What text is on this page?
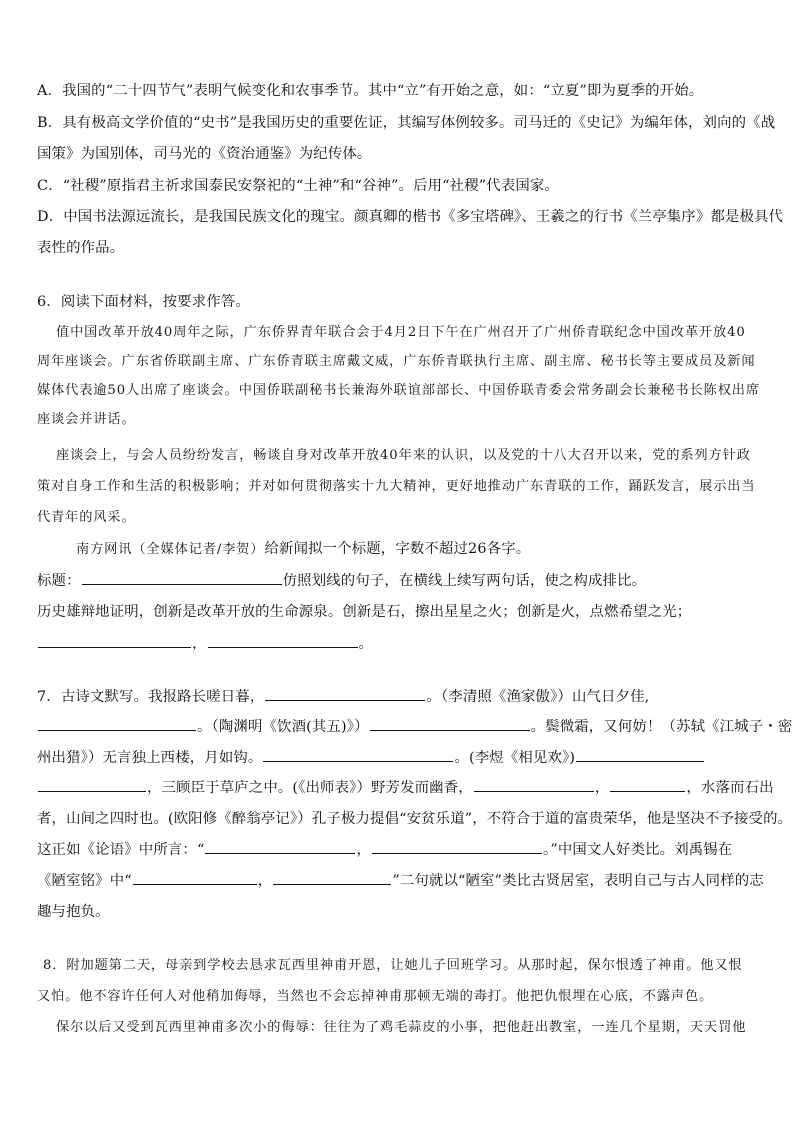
A．我国的“二十四节气”表明气候变化和农事季节。其中“立”有开始之意，如：“立夏”即为夏季的开始。
B．具有极高文学价值的“史书”是我国历史的重要佐证，其编写体例较多。司马迁的《史记》为编年体，刘向的《战
国策》为国别体，司马光的《资治通鉴》为纪传体。
C．“社稷”原指君主祈求国泰民安祭祀的“土神”和“谷神”。后用“社稷”代表国家。
D．中国书法源远流长，是我国民族文化的瑰宝。颜真卿的楷书《多宝塔碑》、王羲之的行书《兰亭集序》都是极具代
表性的作品。
6．阅读下面材料，按要求作答。
值中国改革开放40周年之际，广东侨界青年联合会于4月2日下午在广州召开了广州侨青联纪念中国改革开放40
周年座谈会。广东省侨联副主席、广东侨青联主席戴文威，广东侨青联执行主席、副主席、秘书长等主要成员及新闻
媒体代表逾50人出席了座谈会。中国侨联副秘书长兼海外联谊部部长、中国侨联青委会常务副会长兼秘书长陈权出席
座谈会并讲话。
座谈会上，与会人员纷纷发言，畅谈自身对改革开放40年来的认识，以及党的十八大召开以来，党的系列方针政
策对自身工作和生活的积极影响；并对如何贯彻落实十九大精神，更好地推动广东青联的工作，踊跃发言，展示出当
代青年的风采。
南方网讯（全媒体记者/李贺）给新闻拟一个标题，字数不超过26各字。
标题：	仿照划线的句子，在横线上续写两句话，使之构成排比。
历史雄辩地证明，创新是改革开放的生命源泉。创新是石，擦出星星之火；创新是火，点燃希望之光；
，	。
7．古诗文默写。我报路长嗟日暮，	。（李清照《渔家傲》）山气日夕佳,
。（陶渊明《饮酒(其五)》）	。鬓微霜，又何妨！（苏轼《江城子・密
州出猎》）无言独上西楼，月如钩。	。(李煜《相见欢》)
，三顾臣于草庐之中。(《出师表》）野芳发而幽香，	，	，水落而石出
者，山间之四时也。(欧阳修《醉翁亭记》）孔子极力提倡“安贫乐道”，不符合于道的富贵荣华，他是坚决不予接受的。
这正如《论语》中所言：“	，	。”中国文人好类比。刘禹锡在
《陋室铭》中“	，	”二句就以“陋室”类比古贤居室，表明自己与古人同样的志
趣与抱负。
8．附加题第二天，母亲到学校去恳求瓦西里神甫开恩，让她儿子回班学习。从那时起，保尔恨透了神甫。他又恨
又怕。他不容许任何人对他稍加侮辱，当然也不会忘掉神甫那顿无端的毒打。他把仇恨埋在心底，不露声色。
保尔以后又受到瓦西里神甫多次小的侮辱：往往为了鸡毛蒜皮的小事，把他赶出教室，一连几个星期，天天罚他
